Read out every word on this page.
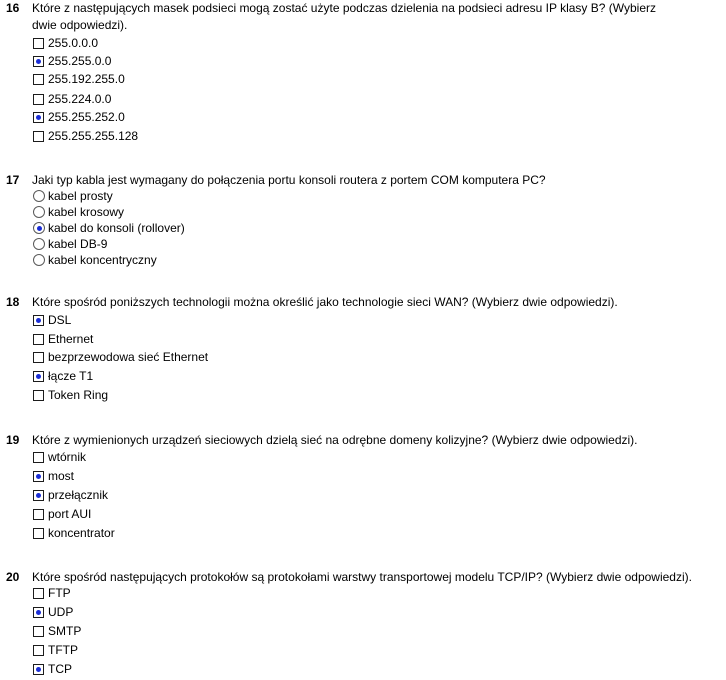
16	Które z następujących masek podsieci mogą zostać użyte podczas dzielenia na podsieci adresu IP klasy B? (Wybierz dwie odpowiedzi).
255.0.0.0
255.255.0.0
255.192.255.0
255.224.0.0
255.255.252.0
255.255.255.128
17	Jaki typ kabla jest wymagany do połączenia portu konsoli routera z portem COM komputera PC?
kabel prosty
kabel krosowy
kabel do konsoli (rollover)
kabel DB-9
kabel koncentryczny
18	Które spośród poniższych technologii można określić jako technologie sieci WAN? (Wybierz dwie odpowiedzi).
DSL
Ethernet
bezprzewodowa sieć Ethernet
łącze T1
Token Ring
19	Które z wymienionych urządzeń sieciowych dzielą sieć na odrębne domeny kolizyjne? (Wybierz dwie odpowiedzi).
wtórnik
most
przełącznik
port AUI
koncentrator
20	Które spośród następujących protokołów są protokołami warstwy transportowej modelu TCP/IP? (Wybierz dwie odpowiedzi).
FTP
UDP
SMTP
TFTP
TCP
